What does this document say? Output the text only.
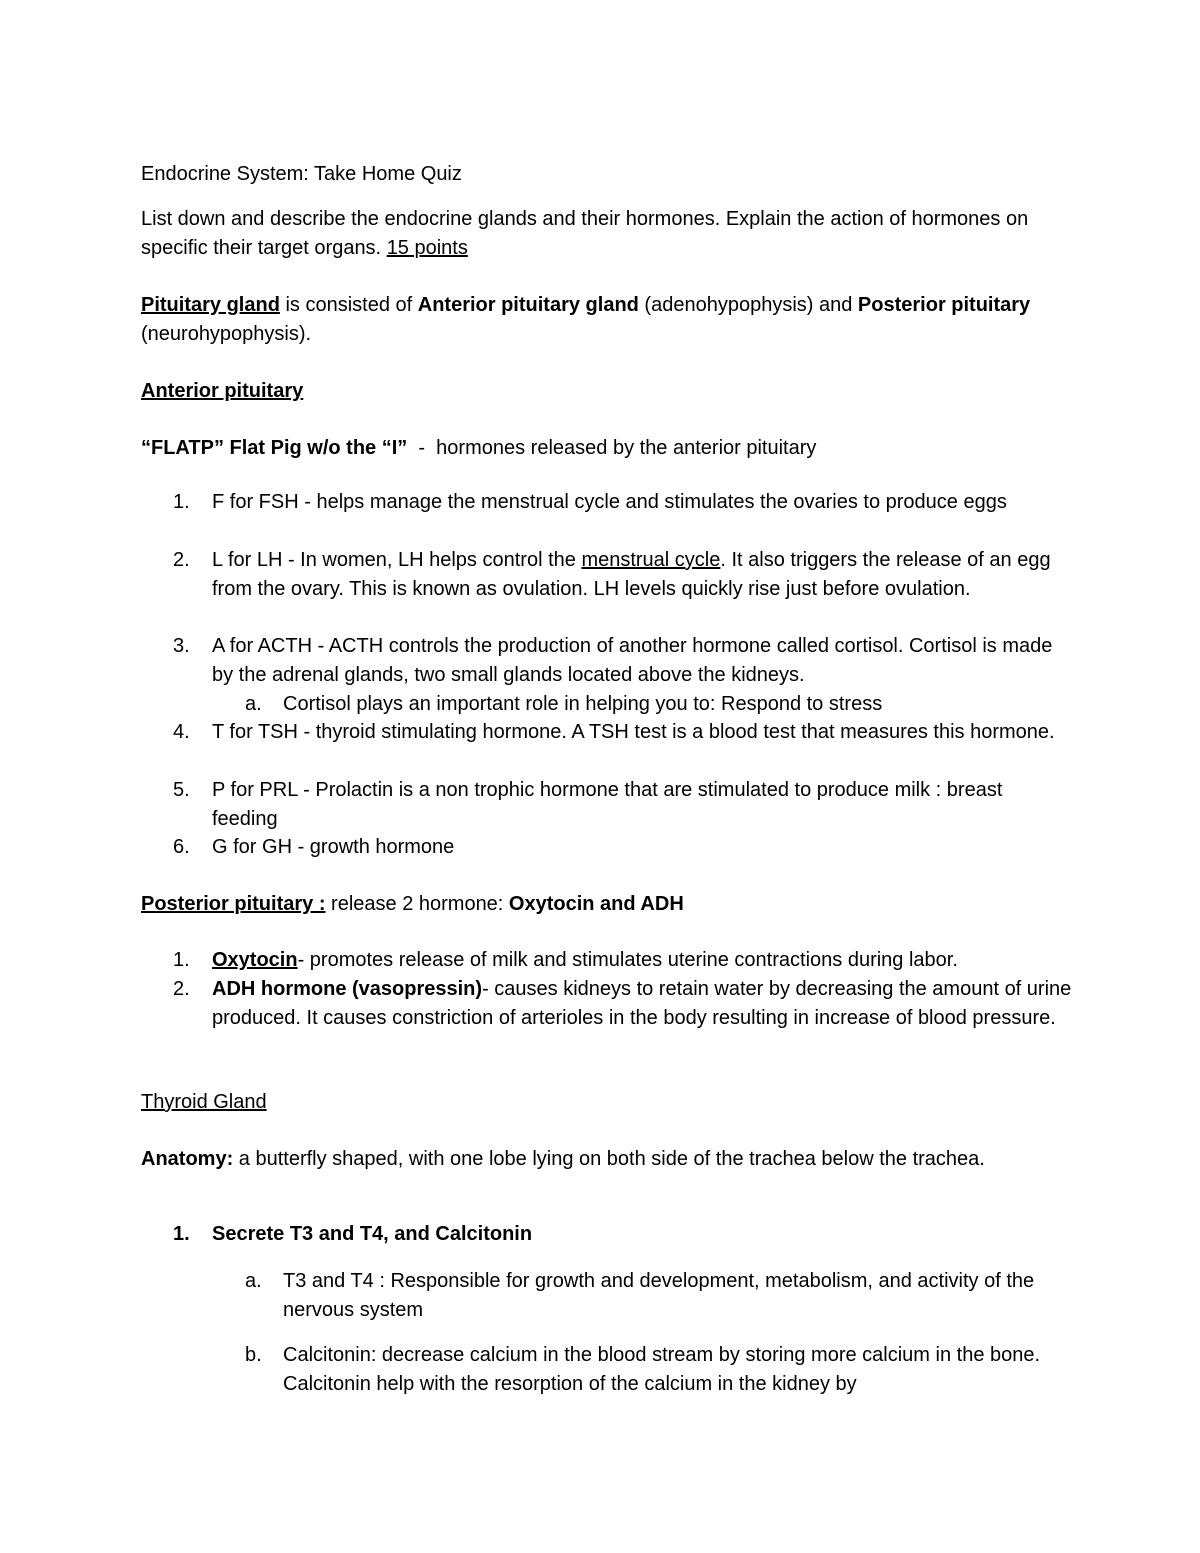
Endocrine System: Take Home Quiz
List down and describe the endocrine glands and their hormones. Explain the action of hormones on specific their target organs. 15 points
Pituitary gland is consisted of Anterior pituitary gland (adenohypophysis) and Posterior pituitary (neurohypophysis).
Anterior pituitary
“FLATP” Flat Pig w/o the “I”  -  hormones released by the anterior pituitary
1. F for FSH - helps manage the menstrual cycle and stimulates the ovaries to produce eggs
2. L for LH - In women, LH helps control the menstrual cycle. It also triggers the release of an egg from the ovary. This is known as ovulation. LH levels quickly rise just before ovulation.
3. A for ACTH - ACTH controls the production of another hormone called cortisol. Cortisol is made by the adrenal glands, two small glands located above the kidneys.
a. Cortisol plays an important role in helping you to: Respond to stress
4. T for TSH - thyroid stimulating hormone. A TSH test is a blood test that measures this hormone.
5. P for PRL - Prolactin is a non trophic hormone that are stimulated to produce milk : breast feeding
6. G for GH - growth hormone
Posterior pituitary : release 2 hormone: Oxytocin and ADH
1. Oxytocin- promotes release of milk and stimulates uterine contractions during labor.
2. ADH hormone (vasopressin)- causes kidneys to retain water by decreasing the amount of urine produced. It causes constriction of arterioles in the body resulting in increase of blood pressure.
Thyroid Gland
Anatomy: a butterfly shaped, with one lobe lying on both side of the trachea below the trachea.
1. Secrete T3 and T4, and Calcitonin
a. T3 and T4 : Responsible for growth and development, metabolism, and activity of the nervous system
b. Calcitonin: decrease calcium in the blood stream by storing more calcium in the bone. Calcitonin help with the resorption of the calcium in the kidney by
